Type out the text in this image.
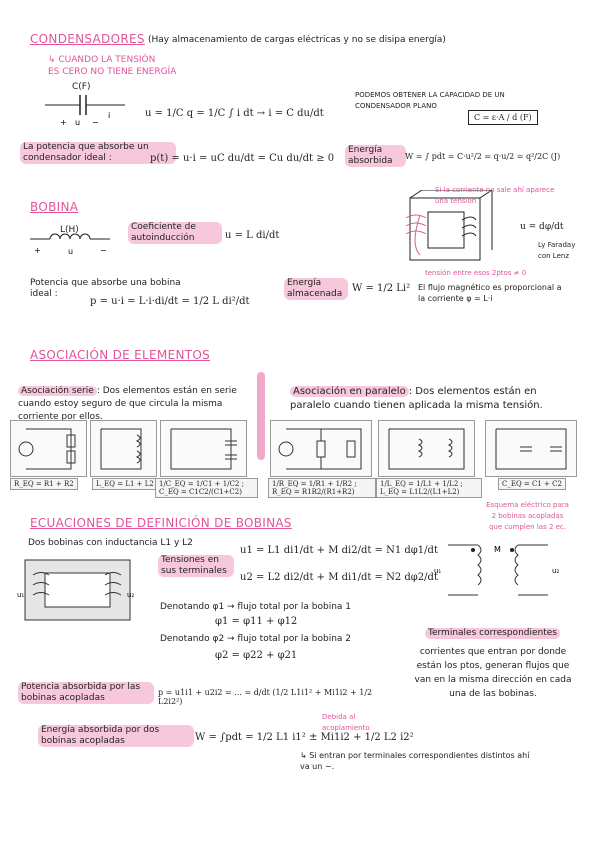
CONDENSADORES (Hay almacenamiento de cargas eléctricas y no se disipa energía)
↳ CUANDO LA TENSIÓN
ES CERO NO TIENE ENERGÍA
+ u −
i
C(F)
u = 1/C q = 1/C ∫ i dt → i = C du/dt
PODEMOS OBTENER LA CAPACIDAD DE UN CONDENSADOR PLANO
C = ε·A / d (F)
La potencia que absorbe un condensador ideal :	p(t) = u·i = uC du/dt = Cu du/dt ≥ 0
Energía absorbida	W = ∫ pdt = C·u²/2 = q·u/2 = q²/2C (J)
BOBINA
+	u	−
L(H)	Coeficiente de autoinducción	u = L di/dt
Potencia que absorbe una bobina ideal :
p = u·i = L·i·di/dt = 1/2 L di²/dt
Energía almacenada W = 1/2 Li² El flujo magnético es proporcional a la corriente φ = L·i
Si la corriente no sale ahí aparece una tensión
tensión entre esos 2ptos ≠ 0
u = dφ/dt
Ly Faraday con Lenz
ASOCIACIÓN DE ELEMENTOS
Asociación serie : Dos elementos están en serie cuando estoy seguro de que circula la misma corriente por ellos.
Asociación en paralelo : Dos elementos están en paralelo cuando tienen aplicada la misma tensión.
R_EQ = R1 + R2	L_EQ = L1 + L2 1/C_EQ = 1/C1 + 1/C2 ; C_EQ = C1C2/(C1+C2)
1/R_EQ = 1/R1 + 1/R2 ; R_EQ = R1R2/(R1+R2)
1/L_EQ = 1/L1 + 1/L2 ; L_EQ = L1L2/(L1+L2)
C_EQ = C1 + C2
ECUACIONES DE DEFINICIÓN DE BOBINAS
Dos bobinas con inductancia L1 y L2
u₁	u₂
Tensiones en sus terminales
u1 = L1 di1/dt + M di2/dt = N1 dφ1/dt
u2 = L2 di2/dt + M di1/dt = N2 dφ2/dt
Denotando φ1 → flujo total por la bobina 1
φ1 = φ11 + φ12
Denotando φ2 → flujo total por la bobina 2
φ2 = φ22 + φ21
Esquema eléctrico para 2 bobinas acopladas que cumplen las 2 ec.
M
u₁	u₂
Terminales correspondientes
corrientes que entran por donde están los ptos, generan flujos que van en la misma dirección en cada una de las bobinas.
Potencia absorbida por las bobinas acopladas
p = u1i1 + u2i2 = ... = d/dt (1/2 L1i1² + Mi1i2 + 1/2 L2i2²)
Debida al acoplamiento
Energía absorbida por dos bobinas acopladas	W = ∫pdt = 1/2 L1 i1² ± Mi1i2 + 1/2 L2 i2²
↳ Si entran por terminales correspondientes distintos ahí va un −.
